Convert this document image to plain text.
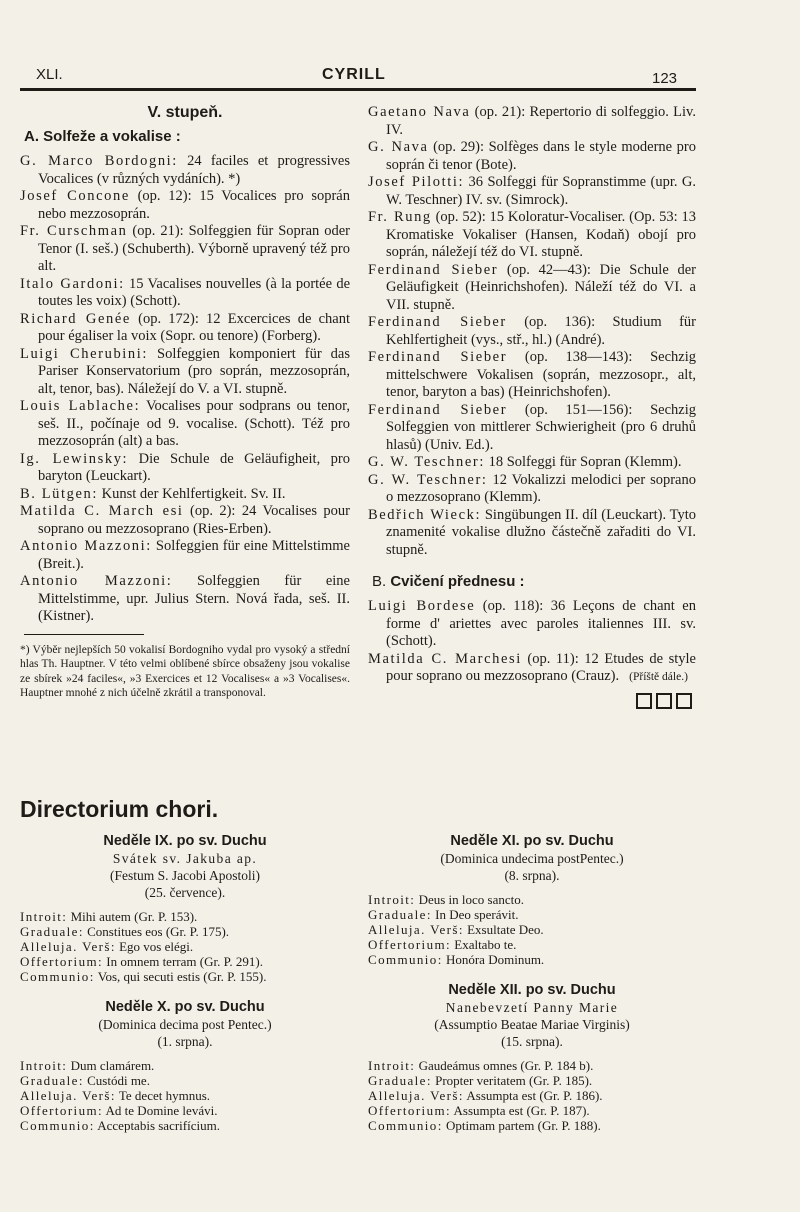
XLI.	CYRILL	123
V. stupeň.
A. Solfeže a vokalise :

G. Marco Bordogni: 24 faciles et progressives Vocalices (v různých vydáních). *)

Josef Concone (op. 12): 15 Vocalices pro soprán nebo mezzosoprán.

Fr. Curschman (op. 21): Solfeggien für Sopran oder Tenor (I. seš.) (Schuberth). Výborně upravený též pro alt.

Italo Gardoni: 15 Vacalises nouvelles (à la portée de toutes les voix) (Schott).

Richard Genée (op. 172): 12 Excercices de chant pour égaliser la voix (Sopr. ou tenore) (Forberg).

Luigi Cherubini: Solfeggien komponiert für das Pariser Konservatorium (pro soprán, mezzosoprán, alt, tenor, bas). Náležejí do V. a VI. stupně.

Louis Lablache: Vocalises pour sodprans ou tenor, seš. II., počínaje od 9. vocalise. (Schott). Též pro mezzosoprán (alt) a bas.

Ig. Lewinsky: Die Schule de Geläufigheit, pro baryton (Leuckart).

B. Lütgen: Kunst der Kehlfertigkeit. Sv. II.

Matilda C. March esi (op. 2): 24 Vocalises pour soprano ou mezzosoprano (Ries-Erben).

Antonio Mazzoni: Solfeggien für eine Mittelstimme (Breit.).

Antonio Mazzoni: Solfeggien für eine Mittelstimme, upr. Julius Stern. Nová řada, seš. II. (Kistner).

*) Výběr nejlepších 50 vokalisí Bordogniho vydal pro vysoký a střední hlas Th. Hauptner. V této velmi oblíbené sbírce obsaženy jsou vokalise ze sbírek »24 faciles«, »3 Exercices et 12 Vocalises« a »3 Vocalises«. Hauptner mnohé z nich účelně zkrátil a transponoval.

Gaetano Nava (op. 21): Repertorio di solfeggio. Liv. IV.

G. Nava (op. 29): Solfèges dans le style moderne pro soprán či tenor (Bote).

Josef Pilotti: 36 Solfeggi für Sopranstimme (upr. G. W. Teschner) IV. sv. (Simrock).

Fr. Rung (op. 52): 15 Koloratur-Vocaliser. (Op. 53: 13 Kromatiske Vokaliser (Hansen, Kodaň) obojí pro soprán, náležejí též do VI. stupně.

Ferdinand Sieber (op. 42—43): Die Schule der Geläufigkeit (Heinrichshofen). Náleží též do VI. a VII. stupně.

Ferdinand Sieber (op. 136): Studium für Kehlfertigheit (vys., stř., hl.) (André).

Ferdinand Sieber (op. 138—143): Sechzig mittelschwere Vokalisen (soprán, mezzosopr., alt, tenor, baryton a bas) (Heinrichshofen).

Ferdinand Sieber (op. 151—156): Sechzig Solfeggien von mittlerer Schwierigheit (pro 6 druhů hlasů) (Univ. Ed.).

G. W. Teschner: 18 Solfeggi für Sopran (Klemm).

G. W. Teschner: 12 Vokalizzi melodici per soprano o mezzosoprano (Klemm).

Bedřich Wieck: Singübungen II. díl (Leuckart). Tyto znamenité vokalise dlužno částečně zařaditi do VI. stupně.

B. Cvičení přednesu :

Luigi Bordese (op. 118): 36 Leçons de chant en forme d' ariettes avec paroles italiennes III. sv. (Schott).

Matilda C. Marchesi (op. 11): 12 Etudes de style pour soprano ou mezzosoprano (Crauz). (Příště dále.)

Directorium chori.

Neděle IX. po sv. Duchu

Svátek sv. Jakuba ap.

(Festum S. Jacobi Apostoli)

(25. července).

Introit: Mihi autem (Gr. P. 153).

Graduale: Constitues eos (Gr. P. 175).

Alleluja. Verš: Ego vos elégi.

Offertorium: In omnem terram (Gr. P. 291).

Communio: Vos, qui secuti estis (Gr. P. 155).

Neděle X. po sv. Duchu

(Dominica decima post Pentec.)

(1. srpna).

Introit: Dum clamárem.

Graduale: Custódi me.

Alleluja. Verš: Te decet hymnus.

Offertorium: Ad te Domine levávi.

Communio: Acceptabis sacrifícium.

Neděle XI. po sv. Duchu

(Dominica undecima postPentec.)

(8. srpna).

Introit: Deus in loco sancto.

Graduale: In Deo sperávit.

Alleluja. Verš: Exsultate Deo.

Offertorium: Exaltabo te.

Communio: Honóra Dominum.

Neděle XII. po sv. Duchu

Nanebevzetí Panny Marie

(Assumptio Beatae Mariae Virginis)

(15. srpna).

Introit: Gaudeámus omnes (Gr. P. 184 b).

Graduale: Propter veritatem (Gr. P. 185).

Alleluja. Verš: Assumpta est (Gr. P. 186).

Offertorium: Assumpta est (Gr. P. 187).

Communio: Optimam partem (Gr. P. 188).
